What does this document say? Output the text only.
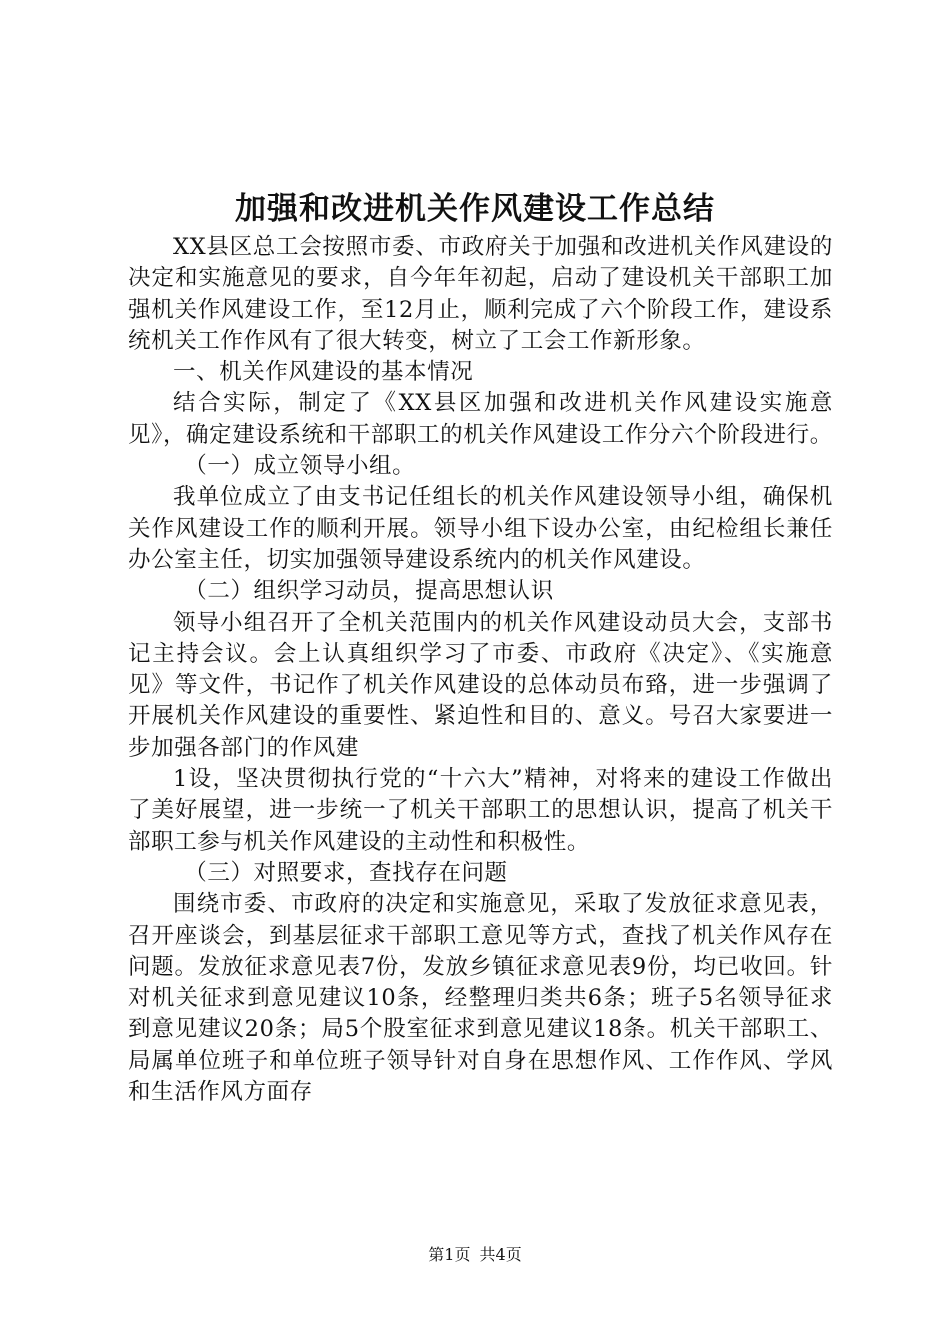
加强和改进机关作风建设工作总结

XX县区总工会按照市委、市政府关于加强和改进机关作风建设的决定和实施意见的要求，自今年年初起，启动了建设机关干部职工加强机关作风建设工作，至12月止，顺利完成了六个阶段工作，建设系统机关工作作风有了很大转变，树立了工会工作新形象。

一、机关作风建设的基本情况

结合实际，制定了《XX县区加强和改进机关作风建设实施意见》，确定建设系统和干部职工的机关作风建设工作分六个阶段进行。

（一）成立领导小组。

我单位成立了由支书记任组长的机关作风建设领导小组，确保机关作风建设工作的顺利开展。领导小组下设办公室，由纪检组长兼任办公室主任，切实加强领导建设系统内的机关作风建设。

（二）组织学习动员，提高思想认识

领导小组召开了全机关范围内的机关作风建设动员大会，支部书记主持会议。会上认真组织学习了市委、市政府《决定》、《实施意见》等文件，书记作了机关作风建设的总体动员布臵，进一步强调了开展机关作风建设的重要性、紧迫性和目的、意义。号召大家要进一步加强各部门的作风建

1设，坚决贯彻执行党的“十六大”精神，对将来的建设工作做出了美好展望，进一步统一了机关干部职工的思想认识，提高了机关干部职工参与机关作风建设的主动性和积极性。

（三）对照要求，查找存在问题

围绕市委、市政府的决定和实施意见，采取了发放征求意见表，召开座谈会，到基层征求干部职工意见等方式，查找了机关作风存在问题。发放征求意见表7份，发放乡镇征求意见表9份，均已收回。针对机关征求到意见建议10条，经整理归类共6条；班子5名领导征求到意见建议20条；局5个股室征求到意见建议18条。机关干部职工、局属单位班子和单位班子领导针对自身在思想作风、工作作风、学风和生活作风方面存

第1页 共4页
